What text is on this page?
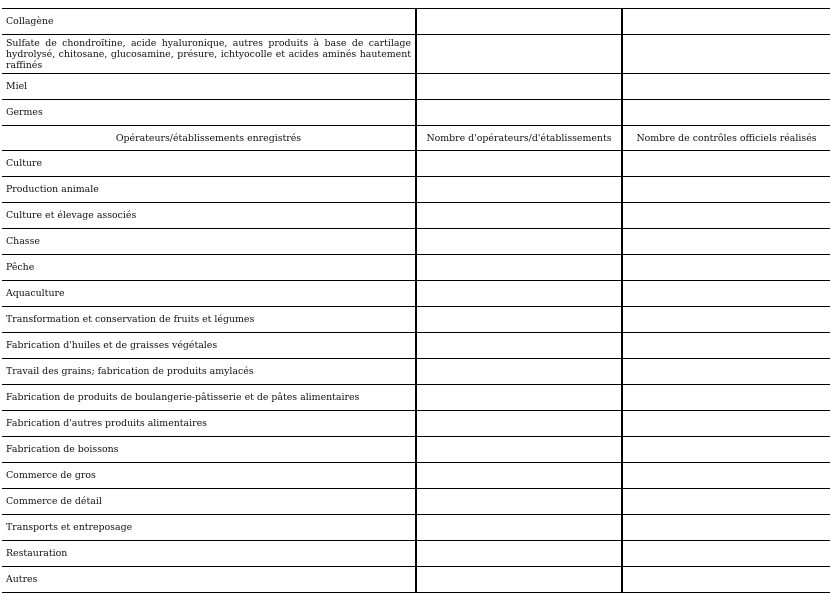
Collagène		
Sulfate de chondroïtine, acide hyaluronique, autres produits à base de cartilage hydrolysé, chitosane, glucosamine, présure, ichtyocolle et acides aminés hautement raffinés		
Miel		
Germes		
Opérateurs/établissements enregistrés	Nombre d'opérateurs/d'établissements	Nombre de contrôles officiels réalisés
Culture		
Production animale		
Culture et élevage associés		
Chasse		
Pêche		
Aquaculture		
Transformation et conservation de fruits et légumes		
Fabrication d'huiles et de graisses végétales		
Travail des grains; fabrication de produits amylacés		
Fabrication de produits de boulangerie-pâtisserie et de pâtes alimentaires		
Fabrication d'autres produits alimentaires		
Fabrication de boissons		
Commerce de gros		
Commerce de détail		
Transports et entreposage		
Restauration		
Autres		
